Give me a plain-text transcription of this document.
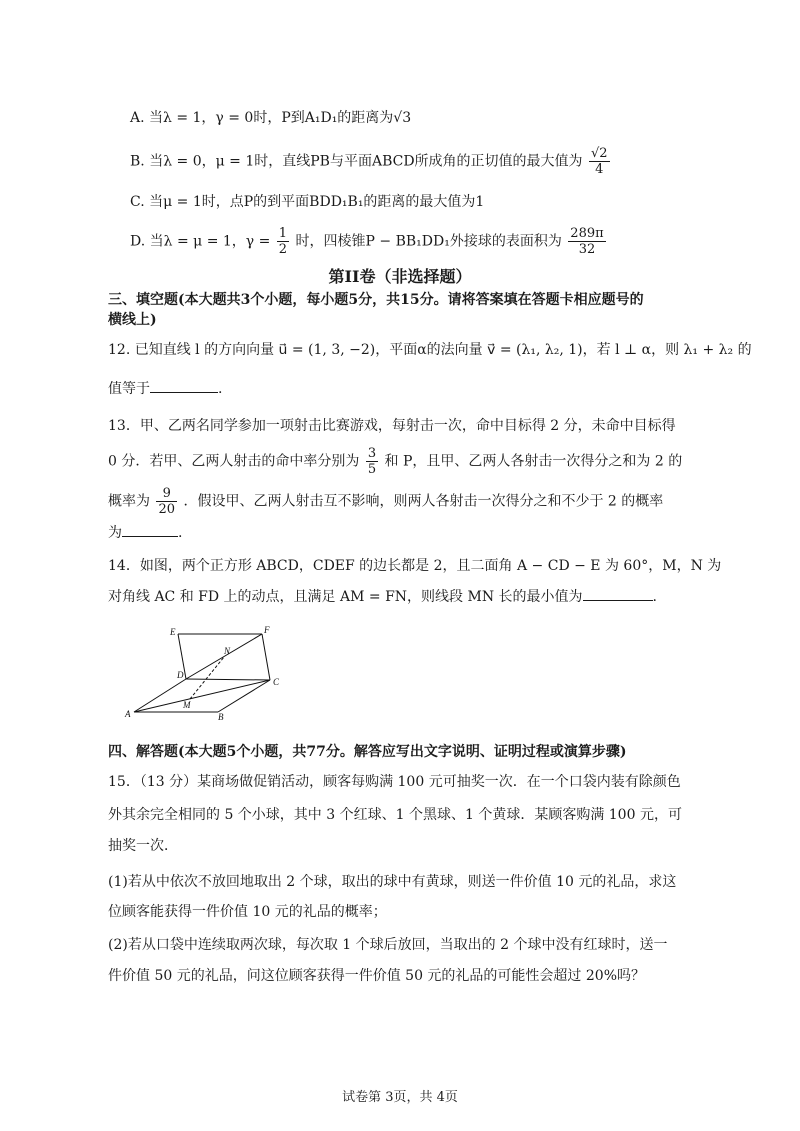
A. 当λ = 1，γ = 0时，P到A₁D₁的距离为√3
B. 当λ = 0，μ = 1时，直线PB与平面ABCD所成角的正切值的最大值为 $\frac{√2}{4}$
C. 当μ = 1时，点P的到平面BDD₁B₁的距离的最大值为1
D. 当λ = μ = 1，$\gamma = \frac{1}{2}$ 时，四棱锥P − BB₁DD₁外接球的表面积为 $\frac{289\pi}{32}$
第II卷（非选择题）
三、填空题(本大题共3个小题，每小题5分，共15分。请将答案填在答题卡相应题号的
横线上)
12. 已知直线 l 的方向向量 u⃗ = (1, 3, −2)，平面α的法向量 v⃗ = (λ₁, λ₂, 1)，若 l ⊥ α，则 λ₁ + λ₂ 的
值等于	.
13．甲、乙两名同学参加一项射击比赛游戏，每射击一次，命中目标得 2 分，未命中目标得
0 分．若甲、乙两人射击的命中率分别为 $\frac{3}{5}$ 和 P，且甲、乙两人各射击一次得分之和为 2 的
概率为 $\frac{9}{20}$ ．假设甲、乙两人射击互不影响，则两人各射击一次得分之和不少于 2 的概率
为	.
14．如图，两个正方形 ABCD，CDEF 的边长都是 2，且二面角 A − CD − E 为 60°，M，N 为
对角线 AC 和 FD 上的动点，且满足 AM = FN，则线段 MN 长的最小值为	.
E	F
N
D
C
M
A	B
四、解答题(本大题5个小题，共77分。解答应写出文字说明、证明过程或演算步骤)
15．（13 分）某商场做促销活动，顾客每购满 100 元可抽奖一次．在一个口袋内装有除颜色
外其余完全相同的 5 个小球，其中 3 个红球、1 个黑球、1 个黄球．某顾客购满 100 元，可
抽奖一次．
(1)若从中依次不放回地取出 2 个球，取出的球中有黄球，则送一件价值 10 元的礼品，求这
位顾客能获得一件价值 10 元的礼品的概率；
(2)若从口袋中连续取两次球，每次取 1 个球后放回，当取出的 2 个球中没有红球时，送一
件价值 50 元的礼品，问这位顾客获得一件价值 50 元的礼品的可能性会超过 20%吗？
试卷第 3页，共 4页
